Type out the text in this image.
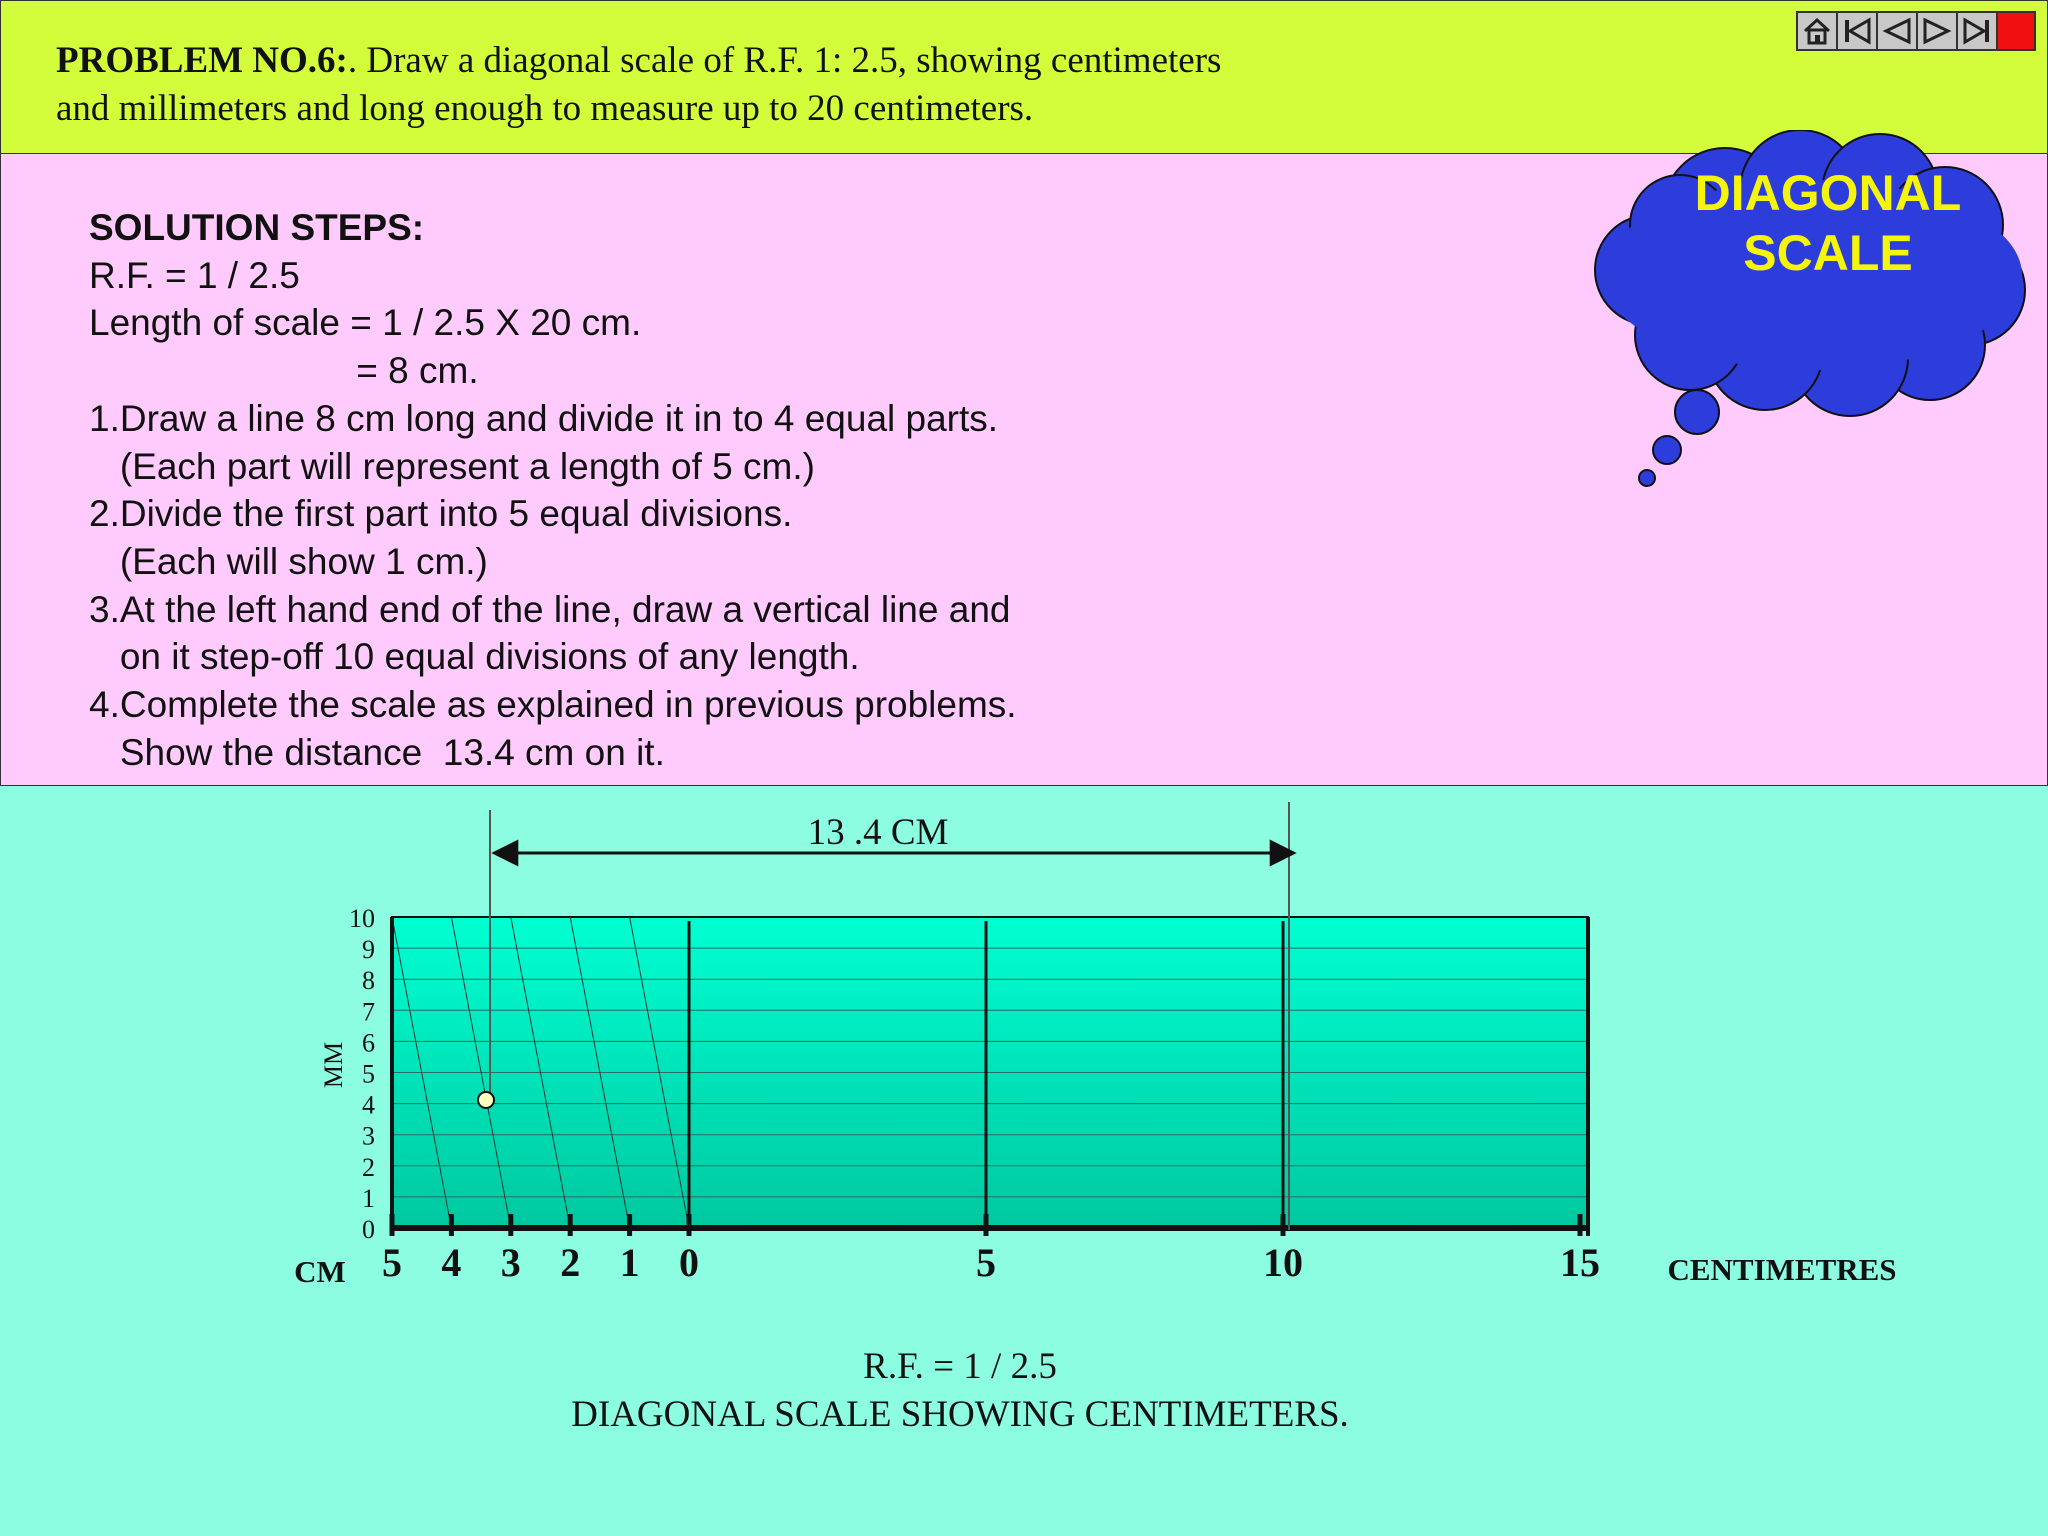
PROBLEM NO.6:. Draw a diagonal scale of R.F. 1: 2.5, showing centimeters
and millimeters and long enough to measure up to 20 centimeters.
SOLUTION STEPS:
R.F. = 1 / 2.5
Length of scale = 1 / 2.5 X 20 cm.
= 8 cm.
1.Draw a line 8 cm long and divide it in to 4 equal parts.
(Each part will represent a length of 5 cm.)
2.Divide the first part into 5 equal divisions.
(Each will show 1 cm.)
3.At the left hand end of the line, draw a vertical line and
on it step-off 10 equal divisions of any length.
4.Complete the scale as explained in previous problems.
Show the distance  13.4 cm on it.
DIAGONAL
SCALE
13 .4 CM
0
1
2
3
4
5
6
7
8
9
10
MM
5 4 3 2 1 0	5	10	15
CM	CENTIMETRES
R.F. = 1 / 2.5
DIAGONAL SCALE SHOWING CENTIMETERS.
